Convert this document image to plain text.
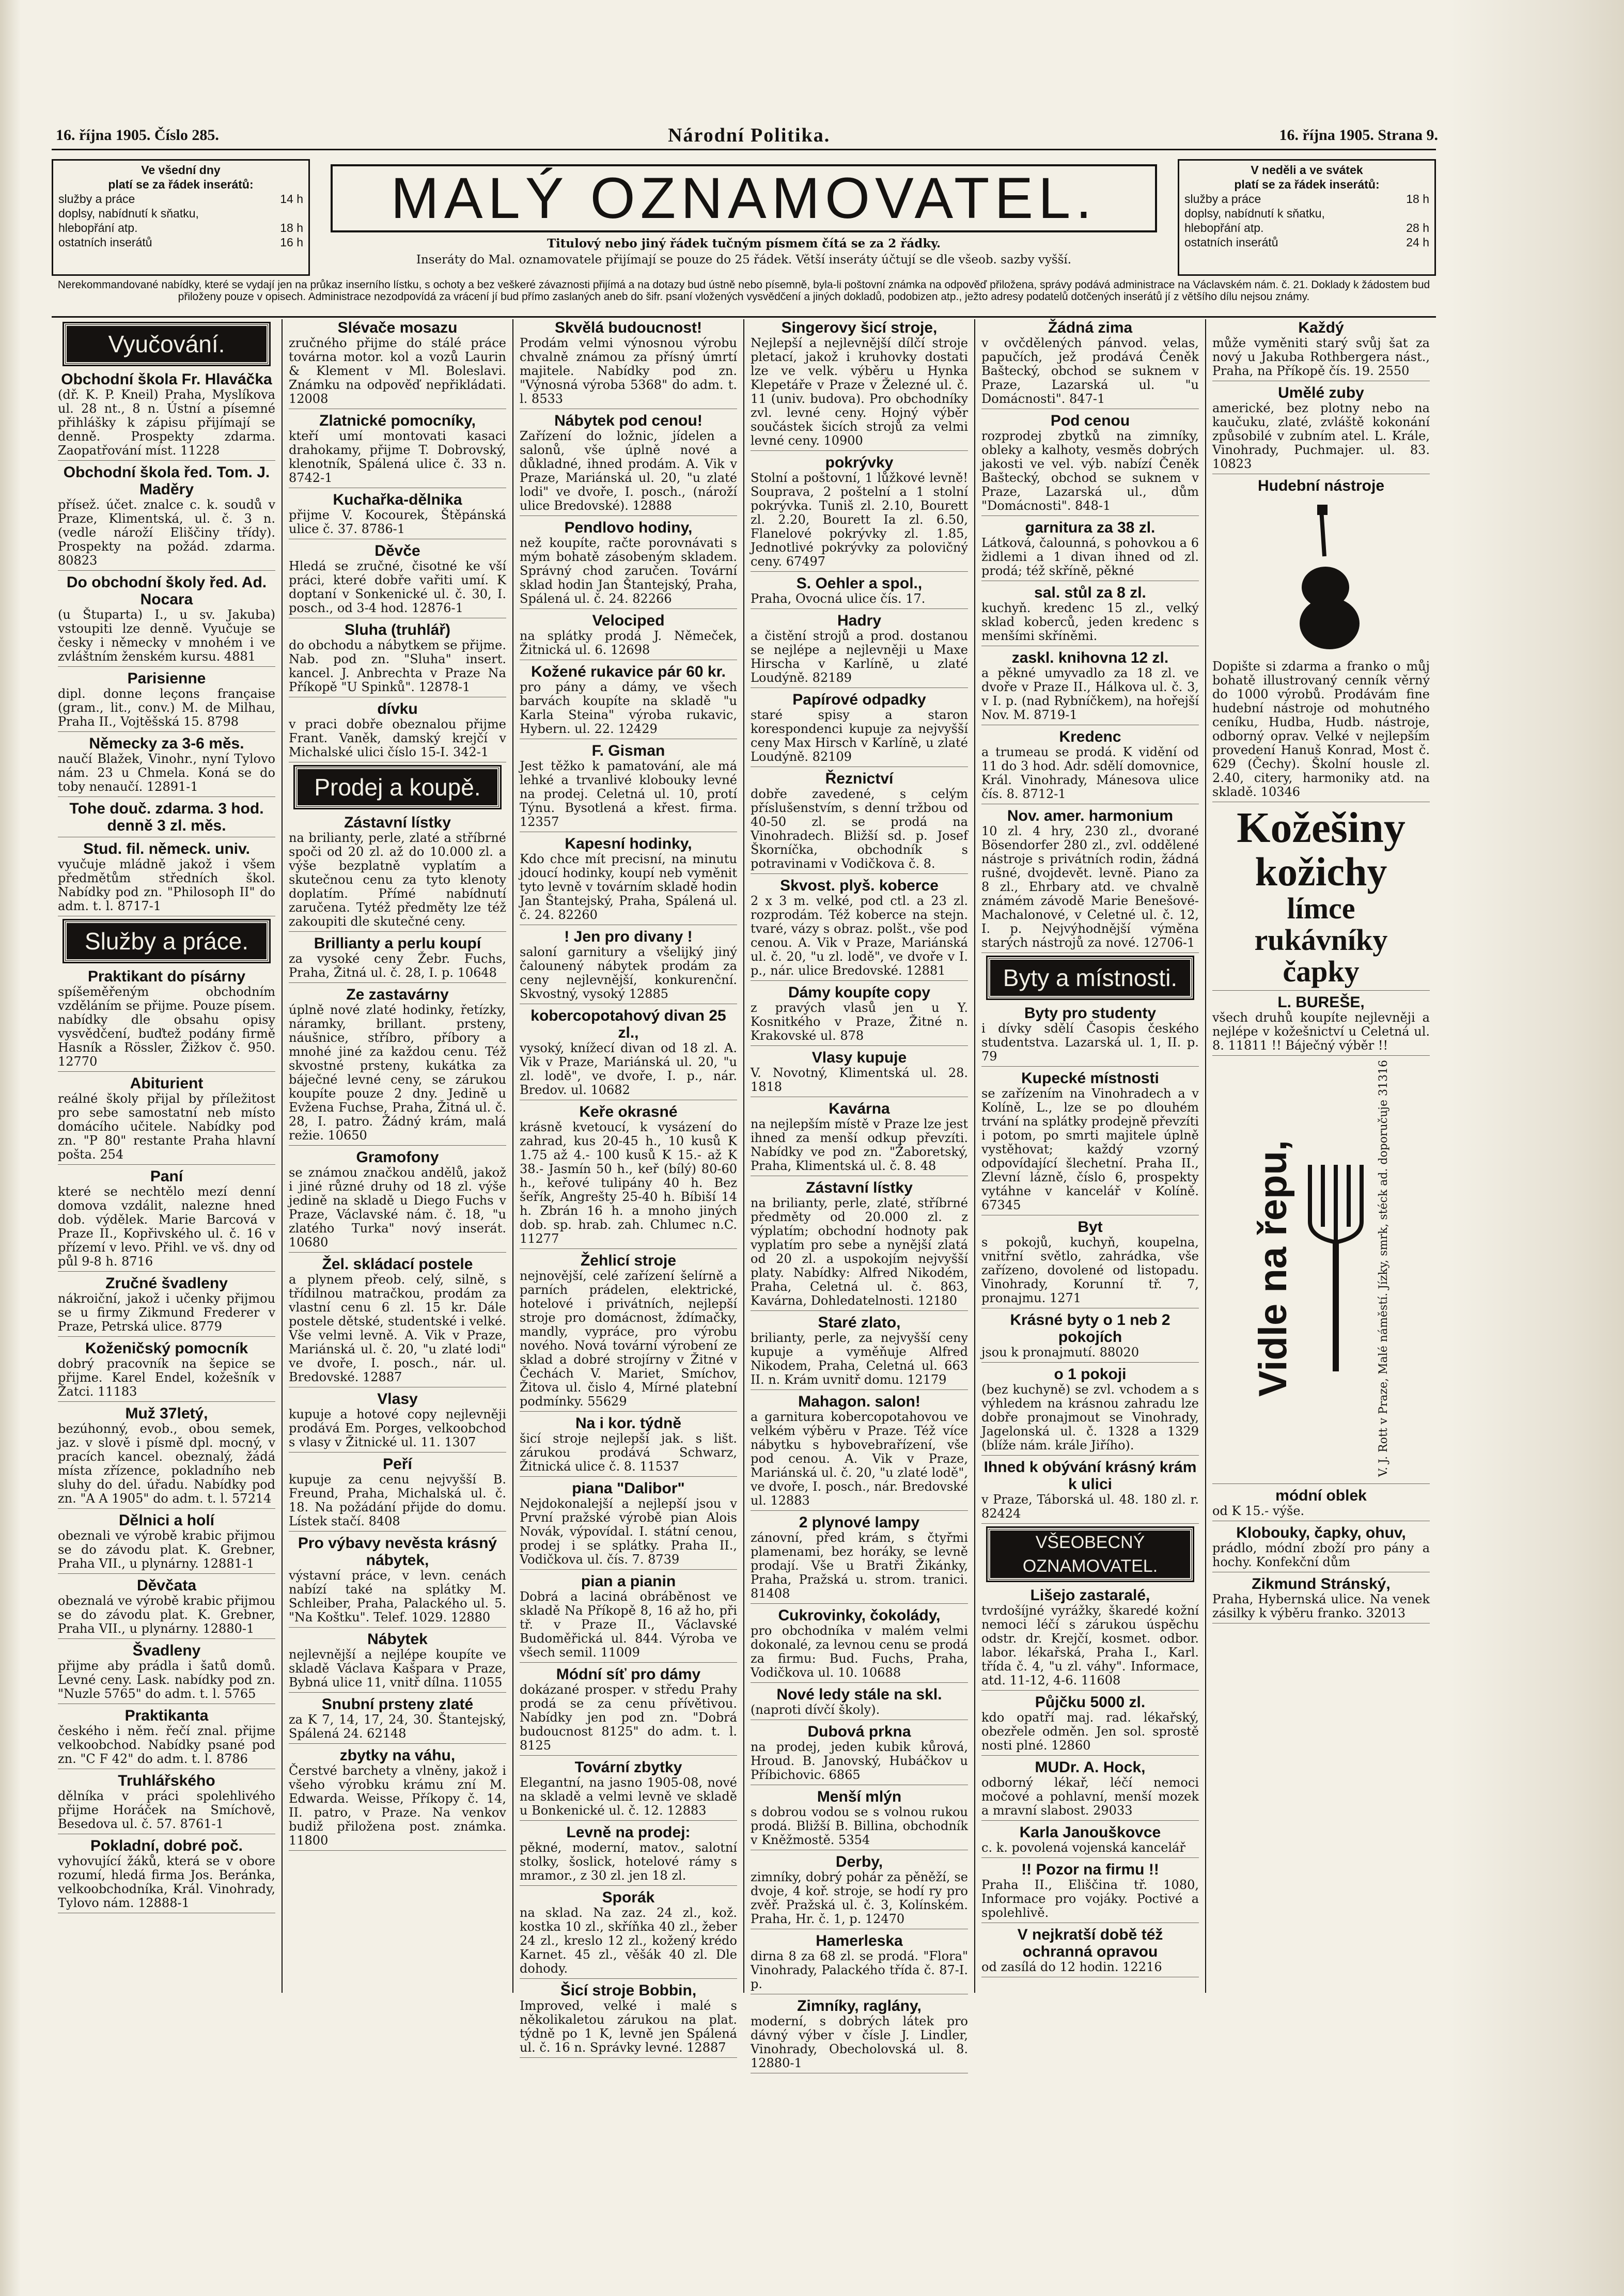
16. října 1905. Číslo 285.	Národní Politika.	16. října 1905. Strana 9.
Ve všední dny
platí se za řádek inserátů:
služby a práce	14 h
doplsy, nabídnutí k sňatku,
hlebopřání atp.	18 h
ostatních inserátů	16 h
MALÝ OZNAMOVATEL.
Titulový nebo jiný řádek tučným písmem čítá se za 2 řádky.
Inseráty do Mal. oznamovatele přijímají se pouze do 25 řádek. Větší inseráty účtují se dle všeob. sazby vyšší.
V neděli a ve svátek
platí se za řádek inserátů:
služby a práce	18 h
doplsy, nabídnutí k sňatku,
hlebopřání atp.	28 h
ostatních inserátů	24 h
Nerekommandované nabídky, které se vydají jen na průkaz inserního lístku, s ochoty a bez veškeré závaznosti přijímá a na dotazy bud ústně nebo písemně, byla-li poštovní známka na odpověď přiložena, správy podává administrace na Václavském nám. č. 21. Doklady k žádostem bud přiloženy pouze v opisech. Administrace nezodpovídá za vrácení jí bud přímo zaslaných aneb do šifr. psaní vložených vysvědčení a jiných dokladů, podobizen atp., ježto adresy podatelů dotčených inserátů jí z většího dílu nejsou známy.
Vyučování.
Obchodní škola Fr. Hlaváčka
(dř. K. P. Kneil) Praha, Myslíkova ul. 28 nt., 8 n. Ústní a písemné přihlášky k zápisu přijímají se denně. Prospekty zdarma. Zaopatřování míst. 11228
Obchodní škola řed. Tom. J. Maděry
přísež. účet. znalce c. k. soudů v Praze, Klimentská, ul. č. 3 n. (vedle nároží Eliščiny třídy). Prospekty na požád. zdarma. 80823
Do obchodní školy řed. Ad. Nocara
(u Štuparta) I., u sv. Jakuba) vstoupiti lze denně. Vyučuje se česky i německy v mnohém i ve zvláštním ženském kursu. 4881
Parisienne
dipl. donne leçons française (gram., lit., conv.) M. de Milhau, Praha II., Vojtěšská 15. 8798
Německy za 3-6 měs.
naučí Blažek, Vinohr., nyní Tylovo nám. 23 u Chmela. Koná se do toby nenaučí. 12891-1
Tohe douč. zdarma. 3 hod. denně 3 zl. měs.
Stud. fil. německ. univ.
vyučuje mládně jakož i všem předmětům středních škol. Nabídky pod zn. "Philosoph II" do adm. t. l. 8717-1
Služby a práce.
Praktikant do písárny
spíšeměřeným obchodním vzděláním se přijme. Pouze písem. nabídky dle obsahu opisy vysvědčení, buďtež podány firmě Hasník a Rössler, Žižkov č. 950. 12770
Abiturient
reálné školy přijal by příležitost pro sebe samostatní neb místo domácího učitele. Nabídky pod zn. "P 80" restante Praha hlavní pošta. 254
Paní
které se nechtělo mezí denní domova vzdálit, nalezne hned dob. výdělek. Marie Barcová v Praze II., Kopřivského ul. č. 16 v přízemí v levo. Přihl. ve vš. dny od půl 9-8 h. 8716
Zručné švadleny
nákroiční, jakož i učenky přijmou se u firmy Zikmund Frederer v Praze, Petrská ulice. 8779
Koženičský pomocník
dobrý pracovník na šepice se přijme. Karel Endel, kožešník v Žatci. 11183
Muž 37letý,
bezúhonný, evob., obou semek, jaz. v slově i písmě dpl. mocný, v pracích kancel. obeznalý, žádá místa zřízence, pokladního neb sluhy do del. úřadu. Nabídky pod zn. "A A 1905" do adm. t. l. 57214
Dělnici a holí
obeznali ve výrobě krabic přijmou se do závodu plat. K. Grebner, Praha VII., u plynárny. 12881-1
Děvčata
obeznalá ve výrobě krabic přijmou se do závodu plat. K. Grebner, Praha VII., u plynárny. 12880-1
Švadleny
přijme aby prádla i šatů domů. Levné ceny. Lask. nabídky pod zn. "Nuzle 5765" do adm. t. l. 5765
Praktikanta
českého i něm. řečí znal. přijme velkoobchod. Nabídky psané pod zn. "C F 42" do adm. t. l. 8786
Truhlářského
dělníka v práci spolehlivého přijme Horáček na Smíchově, Besedova ul. č. 57. 8761-1
Pokladní, dobré poč.
vyhovující žáků, která se v obore rozumí, hledá firma Jos. Beránka, velkoobchodníka, Král. Vinohrady, Tylovo nám. 12888-1
Slévače mosazu
zručného přijme do stálé práce továrna motor. kol a vozů Laurin & Klement v Ml. Boleslavi. Známku na odpověď nepřikládati. 12008
Zlatnické pomocníky,
kteří umí montovati kasaci drahokamy, přijme T. Dobrovský, klenotník, Spálená ulice č. 33 n. 8742-1
Kuchařka-dělnika
přijme V. Kocourek, Štěpánská ulice č. 37. 8786-1
Děvče
Hledá se zručné, čisotné ke vší práci, které dobře vařiti umí. K doptaní v Sonkenické ul. č. 30, I. posch., od 3-4 hod. 12876-1
Sluha (truhlář)
do obchodu a nábytkem se přijme. Nab. pod zn. "Sluha" insert. kancel. J. Anbrechta v Praze Na Příkopě "U Spinků". 12878-1
dívku
v praci dobře obeznalou přijme Frant. Vaněk, damský krejčí v Michalské ulici číslo 15-I. 342-1
Prodej a koupě.
Zástavní lístky
na brilianty, perle, zlaté a stříbrné spoči od 20 zl. až do 10.000 zl. a výše bezplatně vyplatím a skutečnou cenu za tyto klenoty doplatím. Přímé nabídnutí zaručena. Tytéž předměty lze též zakoupiti dle skutečné ceny.
Brillianty a perlu koupí
za vysoké ceny Žebr. Fuchs, Praha, Žitná ul. č. 28, I. p. 10648
Ze zastavárny
úplně nové zlaté hodinky, řetízky, náramky, brillant. prsteny, náušnice, stříbro, příbory a mnohé jiné za každou cenu. Též skvostné prsteny, kukátka za báječné levné ceny, se zárukou koupíte pouze 2 dny. Jedině u Evžena Fuchse, Praha, Žitná ul. č. 28, I. patro. Žádný krám, malá režie. 10650
Gramofony
se známou značkou andělů, jakož i jiné různé druhy od 18 zl. výše jedině na skladě u Diego Fuchs v Praze, Václavské nám. č. 18, "u zlatého Turka" nový inserát. 10680
Žel. skládací postele
a plynem přeob. celý, silně, s třídilnou matračkou, prodám za vlastní cenu 6 zl. 15 kr. Dále postele dětské, studentské i velké. Vše velmi levně. A. Vik v Praze, Mariánská ul. č. 20, "u zlaté lodi" ve dvoře, I. posch., nár. ul. Bredovské. 12887
Vlasy
kupuje a hotové copy nejlevněji prodává Em. Porges, velkoobchod s vlasy v Žitnické ul. 11. 1307
Peří
kupuje za cenu nejvyšší B. Freund, Praha, Michalská ul. č. 18. Na požádání přijde do domu. Lístek stačí. 8408
Pro výbavy nevěsta krásný nábytek,
výstavní práce, v levn. cenách nabízí také na splátky M. Schleiber, Praha, Palackého ul. 5. "Na Koštku". Telef. 1029. 12880
Nábytek
nejlevnější a nejlépe koupíte ve skladě Václava Kašpara v Praze, Bybná ulice 11, vnitř dílna. 11055
Snubní prsteny zlaté
za K 7, 14, 17, 24, 30. Štantejský, Spálená 24. 62148
zbytky na váhu,
Čerstvé barchety a vlněny, jakož i všeho výrobku krámu zní M. Edwarda. Weisse, Příkopy č. 14, II. patro, v Praze. Na venkov budiž přiložena post. známka. 11800
Skvělá budoucnost!
Prodám velmi výnosnou výrobu chvalně známou za přísný úmrtí majitele. Nabídky pod zn. "Výnosná výroba 5368" do adm. t. l. 8533
Nábytek pod cenou!
Zařízení do ložnic, jídelen a salonů, vše úplně nové a důkladné, ihned prodám. A. Vik v Praze, Mariánská ul. 20, "u zlaté lodi" ve dvoře, I. posch., (nároží ulice Bredovské). 12888
Pendlovo hodiny,
než koupíte, račte porovnávati s mým bohatě zásobeným skladem. Správný chod zaručen. Tovární sklad hodin Jan Štantejský, Praha, Spálená ul. č. 24. 82266
Velociped
na splátky prodá J. Němeček, Žitnická ul. 6. 12698
Kožené rukavice pár 60 kr.
pro pány a dámy, ve všech barvách koupíte na skladě "u Karla Steina" výroba rukavic, Hybern. ul. 22. 12429
F. Gisman
Jest těžko k pamatování, ale má lehké a trvanlivé klobouky levné na prodej. Celetná ul. 10, protí Týnu. Bysotlená a křest. firma. 12357
Kapesní hodinky,
Kdo chce mít precisní, na minutu jdoucí hodinky, koupí neb vyměnit tyto levně v továrním skladě hodin Jan Štantejský, Praha, Spálená ul. č. 24. 82260
! Jen pro divany !
saloní garnitury a všelijký jiný čalounený nábytek prodám za ceny nejlevnější, konkurenční. Skvostný, vysoký 12885
kobercopotahový divan 25 zl.,
vysoký, knížecí divan od 18 zl. A. Vik v Praze, Mariánská ul. 20, "u zl. lodě", ve dvoře, I. p., nár. Bredov. ul. 10682
Keře okrasné
krásně kvetoucí, k vysázení do zahrad, kus 20-45 h., 10 kusů K 1.75 až 4.- 100 kusů K 15.- až K 38.- Jasmín 50 h., keř (bílý) 80-60 h., keřové tulipány 40 h. Bez šeřík, Angrešty 25-40 h. Bíbiší 14 h. Zbrán 16 h. a mnoho jiných dob. sp. hrab. zah. Chlumec n.C. 11277
Žehlicí stroje
nejnovější, celé zařízení šelírně a parních prádelen, elektrické, hotelové i privátních, nejlepší stroje pro domácnost, ždímačky, mandly, vypráce, pro výrobu nového. Nová tovární výrobení ze sklad a dobré strojírny v Žitné v Čechách V. Mariet, Smíchov, Žitova ul. čislo 4, Mírné platební podmínky. 55629
Na i kor. týdně
šicí stroje nejlepší jak. s lišt. zárukou prodává Schwarz, Žitnická ulice č. 8. 11537
piana "Dalibor"
Nejdokonalejší a nejlepší jsou v První pražské výrobě pian Alois Novák, výpovídal. I. státní cenou, prodej i se splátky. Praha II., Vodičkova ul. čís. 7. 8739
pian a pianin
Dobrá a laciná obráběnost ve skladě Na Příkopě 8, 16 až ho, při tř. v Praze II., Václavské Budoměřická ul. 844. Výroba ve všech semil. 11009
Módní síť pro dámy
dokázané prosper. v středu Prahy prodá se za cenu přívětivou. Nabídky jen pod zn. "Dobrá budoucnost 8125" do adm. t. l. 8125
Tovární zbytky
Elegantní, na jasno 1905-08, nové na skladě a velmi levně ve skladě u Bonkenické ul. č. 12. 12883
Levně na prodej:
pěkné, moderní, matov., salotní stolky, šoslick, hotelové rámy s mramor., z 30 zl. jen 18 zl.
Sporák
na sklad. Na zaz. 24 zl., kož. kostka 10 zl., skříňka 40 zl., žeber 24 zl., kreslo 12 zl., kožený krédo Karnet. 45 zl., věšák 40 zl. Dle dohody.
Šicí stroje Bobbin,
Improved, velké i malé s několikaletou zárukou na plat. týdně po 1 K, levně jen Spálená ul. č. 16 n. Správky levné. 12887
Singerovy šicí stroje,
Nejlepší a nejlevnější dílčí stroje pletací, jakož i kruhovky dostati lze ve velk. výběru u Hynka Klepetáře v Praze v Železné ul. č. 11 (univ. budova). Pro obchodníky zvl. levné ceny. Hojný výběr součástek šicích strojů za velmi levné ceny. 10900
pokrývky
Stolní a poštovní, 1 lůžkové levně! Souprava, 2 poštelní a 1 stolní pokrývka. Tuniš zl. 2.10, Bourett zl. 2.20, Bourett Ia zl. 6.50, Flanelové pokrývky zl. 1.85, Jednotlivé pokrývky za polovičný ceny. 67497
S. Oehler a spol.,
Praha, Ovocná ulice čís. 17.
Hadry
a čistění strojů a prod. dostanou se nejlépe a nejlevněji u Maxe Hirscha v Karlíně, u zlaté Loudýně. 82189
Papírové odpadky
staré spisy a staron korespondenci kupuje za nejvyšší ceny Max Hirsch v Karlíně, u zlaté Loudýně. 82109
Řeznictví
dobře zavedené, s celým příslušenstvím, s denní tržbou od 40-50 zl. se prodá na Vinohradech. Bližší sd. p. Josef Škorníčka, obchodník s potravinami v Vodičkova č. 8.
Skvost. plyš. koberce
2 x 3 m. velké, pod ctl. a 23 zl. rozprodám. Též koberce na stejn. tvaré, vázy s obraz. polšt., vše pod cenou. A. Vik v Praze, Mariánská ul. č. 20, "u zl. lodě", ve dvoře v I. p., nár. ulice Bredovské. 12881
Dámy koupíte copy
z pravých vlasů jen u Y. Kosnitkého v Praze, Žitné n. Krakovské ul. 878
Vlasy kupuje
V. Novotný, Klimentská ul. 28. 1818
Kavárna
na nejlepším místě v Praze lze jest ihned za menší odkup převzíti. Nabídky ve pod zn. "Žaboretský, Praha, Klimentská ul. č. 8. 48
Zástavní lístky
na brilianty, perle, zlaté, stříbrné předměty od 20.000 zl. z výplatím; obchodní hodnoty pak vyplatím pro sebe a nynější zlatá od 20 zl. a uspokojím nejvyšší platy. Nabídky: Alfred Nikodém, Praha, Celetná ul. č. 863, Kavárna, Dohledatelnosti. 12180
Staré zlato,
brilianty, perle, za nejvyšší ceny kupuje a vyměňuje Alfred Nikodem, Praha, Celetná ul. 663 II. n. Krám uvnitř domu. 12179
Mahagon. salon!
a garnitura kobercopotahovou ve velkém výběru v Praze. Též více nábytku s hybovebrařízení, vše pod cenou. A. Vik v Praze, Mariánská ul. č. 20, "u zlaté lodě", ve dvoře, I. posch., nár. Bredovské ul. 12883
2 plynové lampy
zánovní, před krám, s čtyřmi plamenami, bez horáky, se levně prodají. Vše u Bratři Žikánky, Praha, Pražská u. strom. tranici. 81408
Cukrovinky, čokolády,
pro obchodníka v malém velmi dokonalé, za levnou cenu se prodá za firmu: Bud. Fuchs, Praha, Vodičkova ul. 10. 10688
Nové ledy stále na skl.
(naproti dívčí školy).
Dubová prkna
na prodej, jeden kubik kůrová, Hroud. B. Janovský, Hubáčkov u Příbichovic. 6865
Menší mlýn
s dobrou vodou se s volnou rukou prodá. Bližší B. Billina, obchodník v Kněžmostě. 5354
Derby,
zimníky, dobrý pohár za pěněží, se dvoje, 4 koř. stroje, se hodí ry pro zvěř. Pražská ul. č. 3, Kolínském. Praha, Hr. č. 1, p. 12470
Hamerleska
dirna 8 za 68 zl. se prodá. "Flora" Vinohrady, Palackého třída č. 87-I. p.
Zimníky, raglány,
moderní, s dobrých látek pro dávný výber v čísle J. Lindler, Vinohrady, Obecholovská ul. 8. 12880-1
Žádná zima
v ovčdělených pánvod. velas, papučích, jež prodává Čeněk Baštecký, obchod se suknem v Praze, Lazarská ul. "u Domácnosti". 847-1
Pod cenou
rozprodej zbytků na zimníky, obleky a kalhoty, vesměs dobrých jakosti ve vel. výb. nabízí Čeněk Baštecký, obchod se suknem v Praze, Lazarská ul., dům "Domácnosti". 848-1
garnitura za 38 zl.
Látková, čalounná, s pohovkou a 6 židlemi a 1 divan ihned od zl. prodá; též skříně, pěkné
sal. stůl za 8 zl.
kuchyň. kredenc 15 zl., velký sklad koberců, jeden kredenc s menšími skříněmi.
zaskl. knihovna 12 zl.
a pěkné umyvadlo za 18 zl. ve dvoře v Praze II., Hálkova ul. č. 3, v I. p. (nad Rybníčkem), na hořejší Nov. M. 8719-1
Kredenc
a trumeau se prodá. K vidění od 11 do 3 hod. Adr. sdělí domovnice, Král. Vinohrady, Mánesova ulice čís. 8. 8712-1
Nov. amer. harmonium
10 zl. 4 hry, 230 zl., dvorané Bösendorfer 280 zl., zvl. oddělené nástroje s privátních rodin, žádná rušné, dvojdevět. levně. Piano za 8 zl., Ehrbary atd. ve chvalně známém závodě Marie Benešové-Machalonové, v Celetné ul. č. 12, I. p. Nejvýhodnější výměna starých nástrojů za nové. 12706-1
Byty a místnosti.
Byty pro studenty
i dívky sdělí Časopis českého studentstva. Lazarská ul. 1, II. p. 79
Kupecké místnosti
se zařízením na Vinohradech a v Kolíně, L., lze se po dlouhém trvání na splátky prodejně převzíti i potom, po smrti majitele úplně vystěhovat; každý vzorný odpovídající šlechetní. Praha II., Zlevní lázně, číslo 6, prospekty vytáhne v kancelář v Kolíně. 67345
Byt
s pokojů, kuchyň, koupelna, vnitřní světlo, zahrádka, vše zařízeno, dovolené od listopadu. Vinohrady, Korunní tř. 7, pronajmu. 1271
Krásné byty o 1 neb 2 pokojích
jsou k pronajmutí. 88020
o 1 pokoji
(bez kuchyně) se zvl. vchodem a s výhledem na krásnou zahradu lze dobře pronajmout se Vinohrady, Jagelonská ul. č. 1328 a 1329 (blíže nám. krále Jiřího).
Ihned k obývání krásný krám k ulici
v Praze, Táborská ul. 48. 180 zl. r. 82424
VŠEOBECNÝ OZNAMOVATEL.
Lišejo zastaralé,
tvrdošíjné vyrážky, škaredé kožní nemoci léčí s zárukou úspěchu odstr. dr. Krejčí, kosmet. odbor. labor. lékařská, Praha I., Karl. třída č. 4, "u zl. váhy". Informace, atd. 11-12, 4-6. 11608
Půjčku 5000 zl.
kdo opatří maj. rad. lékařský, obezřele odměn. Jen sol. sprostě nosti plné. 12860
MUDr. A. Hock,
odborný lékař, léčí nemoci močové a pohlavní, menší mozek a mravní slabost. 29033
Karla Janouškovce
c. k. povolená vojenská kancelář
!! Pozor na firmu !!
Praha II., Eliščina tř. 1080, Informace pro vojáky. Poctivé a spolehlivě.
V nejkratší době též ochranná opravou
od zasílá do 12 hodin. 12216
Každý
může vyměniti starý svůj šat za nový u Jakuba Rothbergera nást., Praha, na Příkopě čís. 19. 2550
Umělé zuby
americké, bez plotny nebo na kaučuku, zlaté, zvláště kokonání způsobilé v zubním atel. L. Krále, Vinohrady, Puchmajer. ul. 83. 10823
Hudební nástroje
Dopište si zdarma a franko o můj bohatě illustrovaný cenník věrný do 1000 výrobů. Prodávám fine hudební nástroje od mohutného ceníku, Hudba, Hudb. nástroje, odborný oprav. Velké v nejlepším provedení Hanuš Konrad, Most č. 629 (Čechy). Školní housle zl. 2.40, citery, harmoniky atd. na skladě. 10346
Kožešiny
kožichy
límce
rukávníky
čapky
L. BUREŠE,
všech druhů koupíte nejlevněji a nejlépe v kožešnictví u Celetná ul. 8. 11811 !! Báječný výběr !!
Vidle na řepu,	V. J. Rott v Praze, Malé náměstí. Jízky, smrk, stéck ad. doporučuje 31316
módní oblek
od K 15.- výše.
Klobouky, čapky, ohuv,
prádlo, módní zboží pro pány a hochy. Konfekční dům
Zikmund Stránský,
Praha, Hybernská ulice. Na venek zásilky k výběru franko. 32013
